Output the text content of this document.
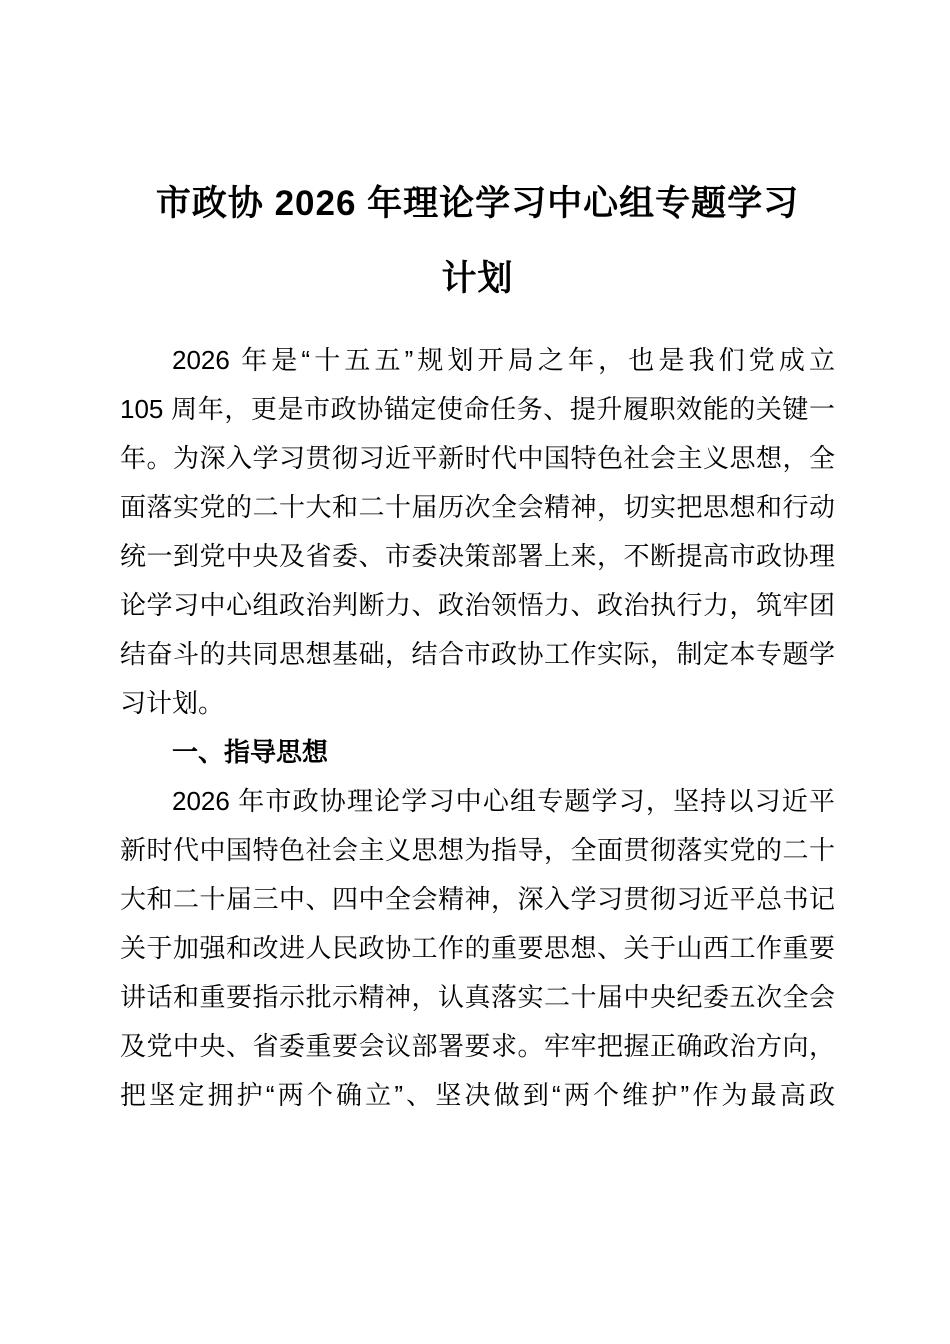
市政协 2026 年理论学习中心组专题学习
计划
2026 年是“十五五”规划开局之年，也是我们党成立
105 周年，更是市政协锚定使命任务、提升履职效能的关键一
年。为深入学习贯彻习近平新时代中国特色社会主义思想，全
面落实党的二十大和二十届历次全会精神，切实把思想和行动
统一到党中央及省委、市委决策部署上来，不断提高市政协理
论学习中心组政治判断力、政治领悟力、政治执行力，筑牢团
结奋斗的共同思想基础，结合市政协工作实际，制定本专题学
习计划。
一、指导思想
2026 年市政协理论学习中心组专题学习，坚持以习近平
新时代中国特色社会主义思想为指导，全面贯彻落实党的二十
大和二十届三中、四中全会精神，深入学习贯彻习近平总书记
关于加强和改进人民政协工作的重要思想、关于山西工作重要
讲话和重要指示批示精神，认真落实二十届中央纪委五次全会
及党中央、省委重要会议部署要求。牢牢把握正确政治方向，
把坚定拥护“两个确立”、坚决做到“两个维护”作为最高政
